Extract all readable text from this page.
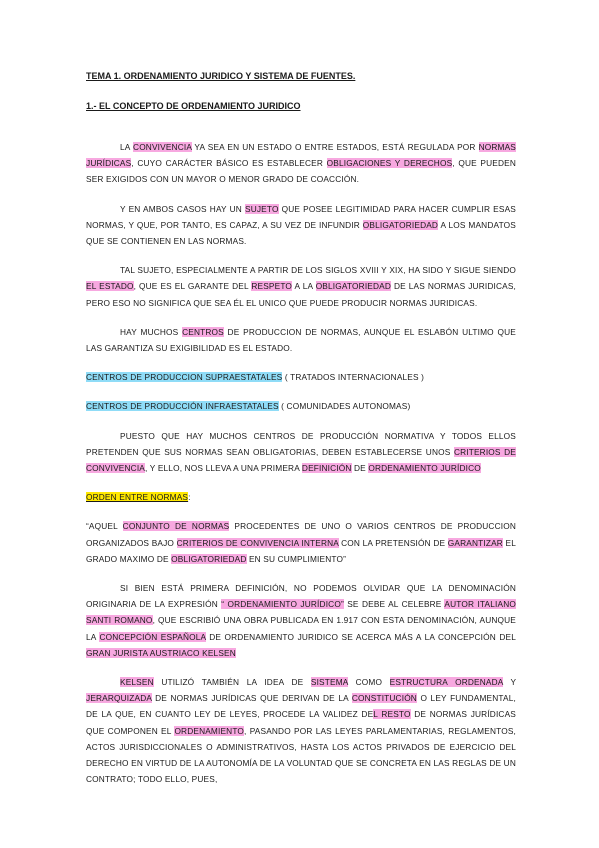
TEMA 1. ORDENAMIENTO JURIDICO Y SISTEMA DE FUENTES.

1.- EL CONCEPTO DE ORDENAMIENTO JURIDICO

LA CONVIVENCIA YA SEA EN UN ESTADO O ENTRE ESTADOS, ESTÁ REGULADA POR NORMAS JURÍDICAS, CUYO CARÁCTER BÁSICO ES ESTABLECER OBLIGACIONES Y DERECHOS, QUE PUEDEN SER EXIGIDOS CON UN MAYOR O MENOR GRADO DE COACCIÓN.

Y EN AMBOS CASOS HAY UN SUJETO QUE POSEE LEGITIMIDAD PARA HACER CUMPLIR ESAS NORMAS, Y QUE, POR TANTO, ES CAPAZ, A SU VEZ DE INFUNDIR OBLIGATORIEDAD A LOS MANDATOS QUE SE CONTIENEN EN LAS NORMAS.

TAL SUJETO, ESPECIALMENTE A PARTIR DE LOS SIGLOS XVIII Y XIX, HA SIDO Y SIGUE SIENDO EL ESTADO, QUE ES EL GARANTE DEL RESPETO A LA OBLIGATORIEDAD DE LAS NORMAS JURIDICAS, PERO ESO NO SIGNIFICA QUE SEA ÉL EL UNICO QUE PUEDE PRODUCIR NORMAS JURIDICAS.

HAY MUCHOS CENTROS DE PRODUCCION DE NORMAS, AUNQUE EL ESLABÓN ULTIMO QUE LAS GARANTIZA SU EXIGIBILIDAD ES EL ESTADO.

CENTROS DE PRODUCCION SUPRAESTATALES ( TRATADOS INTERNACIONALES )

CENTROS DE PRODUCCIÓN INFRAESTATALES ( COMUNIDADES AUTONOMAS)

PUESTO QUE HAY MUCHOS CENTROS DE PRODUCCIÓN NORMATIVA Y TODOS ELLOS PRETENDEN QUE SUS NORMAS SEAN OBLIGATORIAS, DEBEN ESTABLECERSE UNOS CRITERIOS DE CONVIVENCIA, Y ELLO, NOS LLEVA A UNA PRIMERA DEFINICIÓN DE ORDENAMIENTO JURÍDICO

ORDEN ENTRE NORMAS:

“AQUEL CONJUNTO DE NORMAS PROCEDENTES DE UNO O VARIOS CENTROS DE PRODUCCION ORGANIZADOS BAJO CRITERIOS DE CONVIVENCIA INTERNA CON LA PRETENSIÓN DE GARANTIZAR EL GRADO MAXIMO DE OBLIGATORIEDAD EN SU CUMPLIMIENTO”

SI BIEN ESTÁ PRIMERA DEFINICIÓN, NO PODEMOS OLVIDAR QUE LA DENOMINACIÓN ORIGINARIA DE LA EXPRESIÓN “ ORDENAMIENTO JURÍDICO” SE DEBE AL CELEBRE AUTOR ITALIANO SANTI ROMANO, QUE ESCRIBIÓ UNA OBRA PUBLICADA EN 1.917 CON ESTA DENOMINACIÓN, AUNQUE LA CONCEPCIÓN ESPAÑOLA DE ORDENAMIENTO JURIDICO SE ACERCA MÁS A LA CONCEPCIÓN DEL GRAN JURISTA AUSTRIACO KELSEN

KELSEN UTILIZÓ TAMBIÉN LA IDEA DE SISTEMA COMO ESTRUCTURA ORDENADA Y JERARQUIZADA DE NORMAS JURÍDICAS QUE DERIVAN DE LA CONSTITUCIÓN O LEY FUNDAMENTAL, DE LA QUE, EN CUANTO LEY DE LEYES, PROCEDE LA VALIDEZ DEL RESTO DE NORMAS JURÍDICAS QUE COMPONEN EL ORDENAMIENTO, PASANDO POR LAS LEYES PARLAMENTARIAS, REGLAMENTOS, ACTOS JURISDICCIONALES O ADMINISTRATIVOS, HASTA LOS ACTOS PRIVADOS DE EJERCICIO DEL DERECHO EN VIRTUD DE LA AUTONOMÍA DE LA VOLUNTAD QUE SE CONCRETA EN LAS REGLAS DE UN CONTRATO; TODO ELLO, PUES,
